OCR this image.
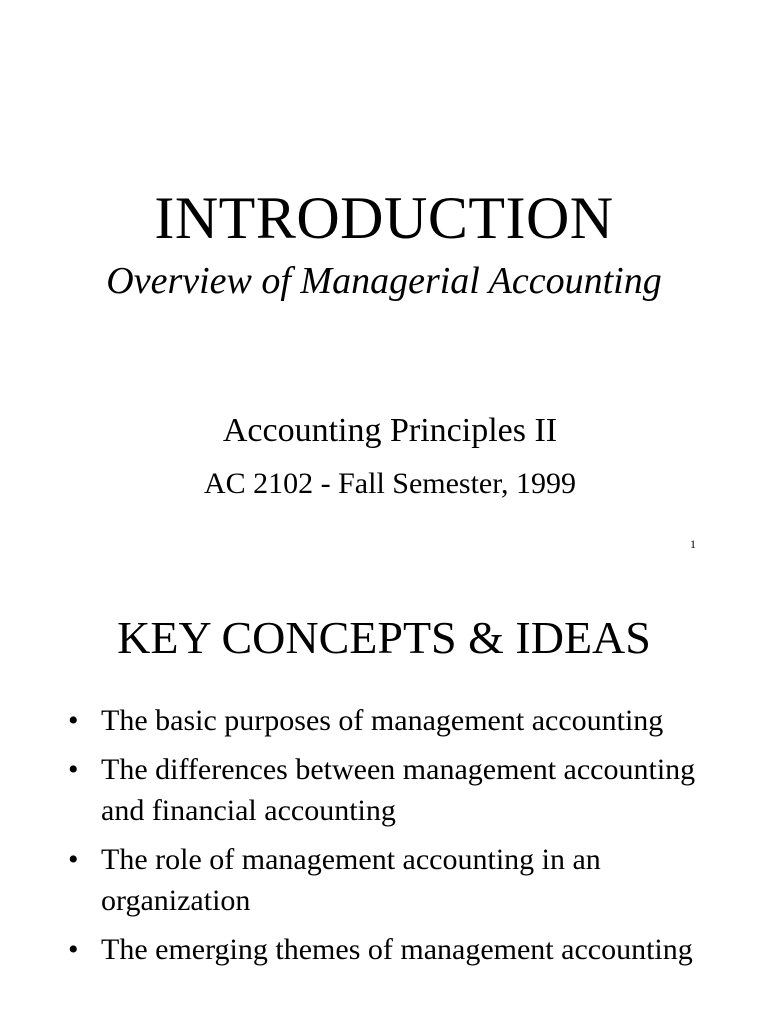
INTRODUCTION
Overview of Managerial Accounting
Accounting Principles II
AC 2102 - Fall Semester, 1999
1
KEY CONCEPTS & IDEAS
• The basic purposes of management accounting
• The differences between management accounting and financial accounting
• The role of management accounting in an organization
• The emerging themes of management accounting
